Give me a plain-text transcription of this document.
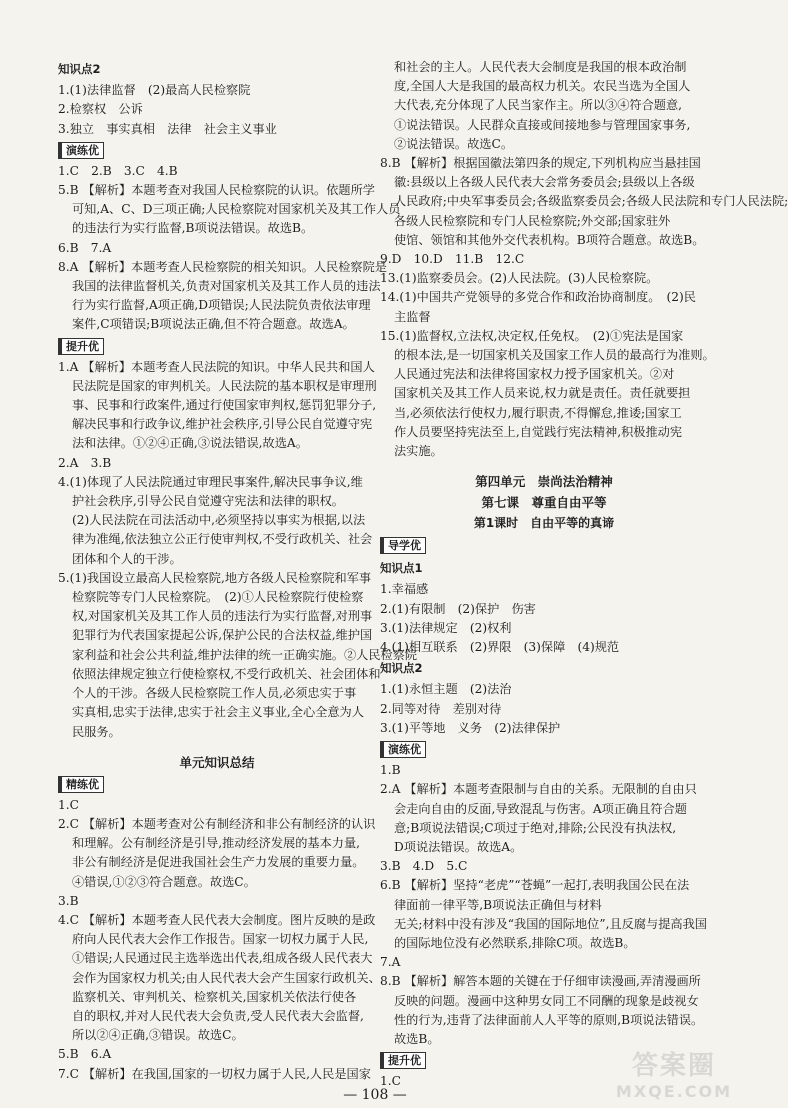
知识点2
1.(1)法律监督　(2)最高人民检察院
2.检察权　公诉
3.独立　事实真相　法律　社会主义事业
演练优
1.C　2.B　3.C　4.B
5.B 【解析】本题考查对我国人民检察院的认识。依题所学
可知,A、C、D三项正确;人民检察院对国家机关及其工作人员
的违法行为实行监督,B项说法错误。故选B。
6.B　7.A
8.A 【解析】本题考查人民检察院的相关知识。人民检察院是
我国的法律监督机关,负责对国家机关及其工作人员的违法
行为实行监督,A项正确,D项错误;人民法院负责依法审理
案件,C项错误;B项说法正确,但不符合题意。故选A。
提升优
1.A 【解析】本题考查人民法院的知识。中华人民共和国人
民法院是国家的审判机关。人民法院的基本职权是审理刑
事、民事和行政案件,通过行使国家审判权,惩罚犯罪分子,
解决民事和行政争议,维护社会秩序,引导公民自觉遵守宪
法和法律。①②④正确,③说法错误,故选A。
2.A　3.B
4.(1)体现了人民法院通过审理民事案件,解决民事争议,维
护社会秩序,引导公民自觉遵守宪法和法律的职权。
(2)人民法院在司法活动中,必须坚持以事实为根据,以法
律为准绳,依法独立公正行使审判权,不受行政机关、社会
团体和个人的干涉。
5.(1)我国设立最高人民检察院,地方各级人民检察院和军事
检察院等专门人民检察院。　(2)①人民检察院行使检察
权,对国家机关及其工作人员的违法行为实行监督,对刑事
犯罪行为代表国家提起公诉,保护公民的合法权益,维护国
家利益和社会公共利益,维护法律的统一正确实施。②人民检察院
依照法律规定独立行使检察权,不受行政机关、社会团体和
个人的干涉。各级人民检察院工作人员,必须忠实于事
实真相,忠实于法律,忠实于社会主义事业,全心全意为人
民服务。
单元知识总结
精练优
1.C
2.C 【解析】本题考查对公有制经济和非公有制经济的认识
和理解。公有制经济是引导,推动经济发展的基本力量,
非公有制经济是促进我国社会生产力发展的重要力量。
④错误,①②③符合题意。故选C。
3.B
4.C 【解析】本题考查人民代表大会制度。图片反映的是政
府向人民代表大会作工作报告。国家一切权力属于人民,
①错误;人民通过民主选举选出代表,组成各级人民代表大
会作为国家权力机关;由人民代表大会产生国家行政机关、
监察机关、审判机关、检察机关,国家机关依法行使各
自的职权,并对人民代表大会负责,受人民代表大会监督,
所以②④正确,③错误。故选C。
5.B　6.A
7.C 【解析】在我国,国家的一切权力属于人民,人民是国家
和社会的主人。人民代表大会制度是我国的根本政治制
度,全国人大是我国的最高权力机关。农民当选为全国人
大代表,充分体现了人民当家作主。所以③④符合题意,
①说法错误。人民群众直接或间接地参与管理国家事务,
②说法错误。故选C。
8.B 【解析】根据国徽法第四条的规定,下列机构应当悬挂国
徽:县级以上各级人民代表大会常务委员会;县级以上各级
人民政府;中央军事委员会;各级监察委员会;各级人民法院和专门人民法院;
各级人民检察院和专门人民检察院;外交部;国家驻外
使馆、领馆和其他外交代表机构。B项符合题意。故选B。
9.D　10.D　11.B　12.C
13.(1)监察委员会。(2)人民法院。(3)人民检察院。
14.(1)中国共产党领导的多党合作和政治协商制度。　(2)民
主监督
15.(1)监督权,立法权,决定权,任免权。　(2)①宪法是国家
的根本法,是一切国家机关及国家工作人员的最高行为准则。
人民通过宪法和法律将国家权力授予国家机关。②对
国家机关及其工作人员来说,权力就是责任。责任就要担
当,必须依法行使权力,履行职责,不得懈怠,推诿;国家工
作人员要坚持宪法至上,自觉践行宪法精神,积极推动宪
法实施。
第四单元　崇尚法治精神
第七课　尊重自由平等
第1课时　自由平等的真谛
导学优
知识点1
1.幸福感
2.(1)有限制　(2)保护　伤害
3.(1)法律规定　(2)权利
4.(1)相互联系　(2)界限　(3)保障　(4)规范
知识点2
1.(1)永恒主题　(2)法治
2.同等对待　差别对待
3.(1)平等地　义务　(2)法律保护
演练优
1.B
2.A 【解析】本题考查限制与自由的关系。无限制的自由只
会走向自由的反面,导致混乱与伤害。A项正确且符合题
意;B项说法错误;C项过于绝对,排除;公民没有执法权,
D项说法错误。故选A。
3.B　4.D　5.C
6.B 【解析】坚持“老虎”“苍蝇”一起打,表明我国公民在法
律面前一律平等,B项说法正确但与材料
无关;材料中没有涉及“我国的国际地位”,且反腐与提高我国
的国际地位没有必然联系,排除C项。故选B。
7.A
8.B 【解析】解答本题的关键在于仔细审读漫画,弄清漫画所
反映的问题。漫画中这种男女同工不同酬的现象是歧视女
性的行为,违背了法律面前人人平等的原则,B项说法错误。
故选B。
提升优
1.C
— 108 —
答案圈
MXQE.COM
